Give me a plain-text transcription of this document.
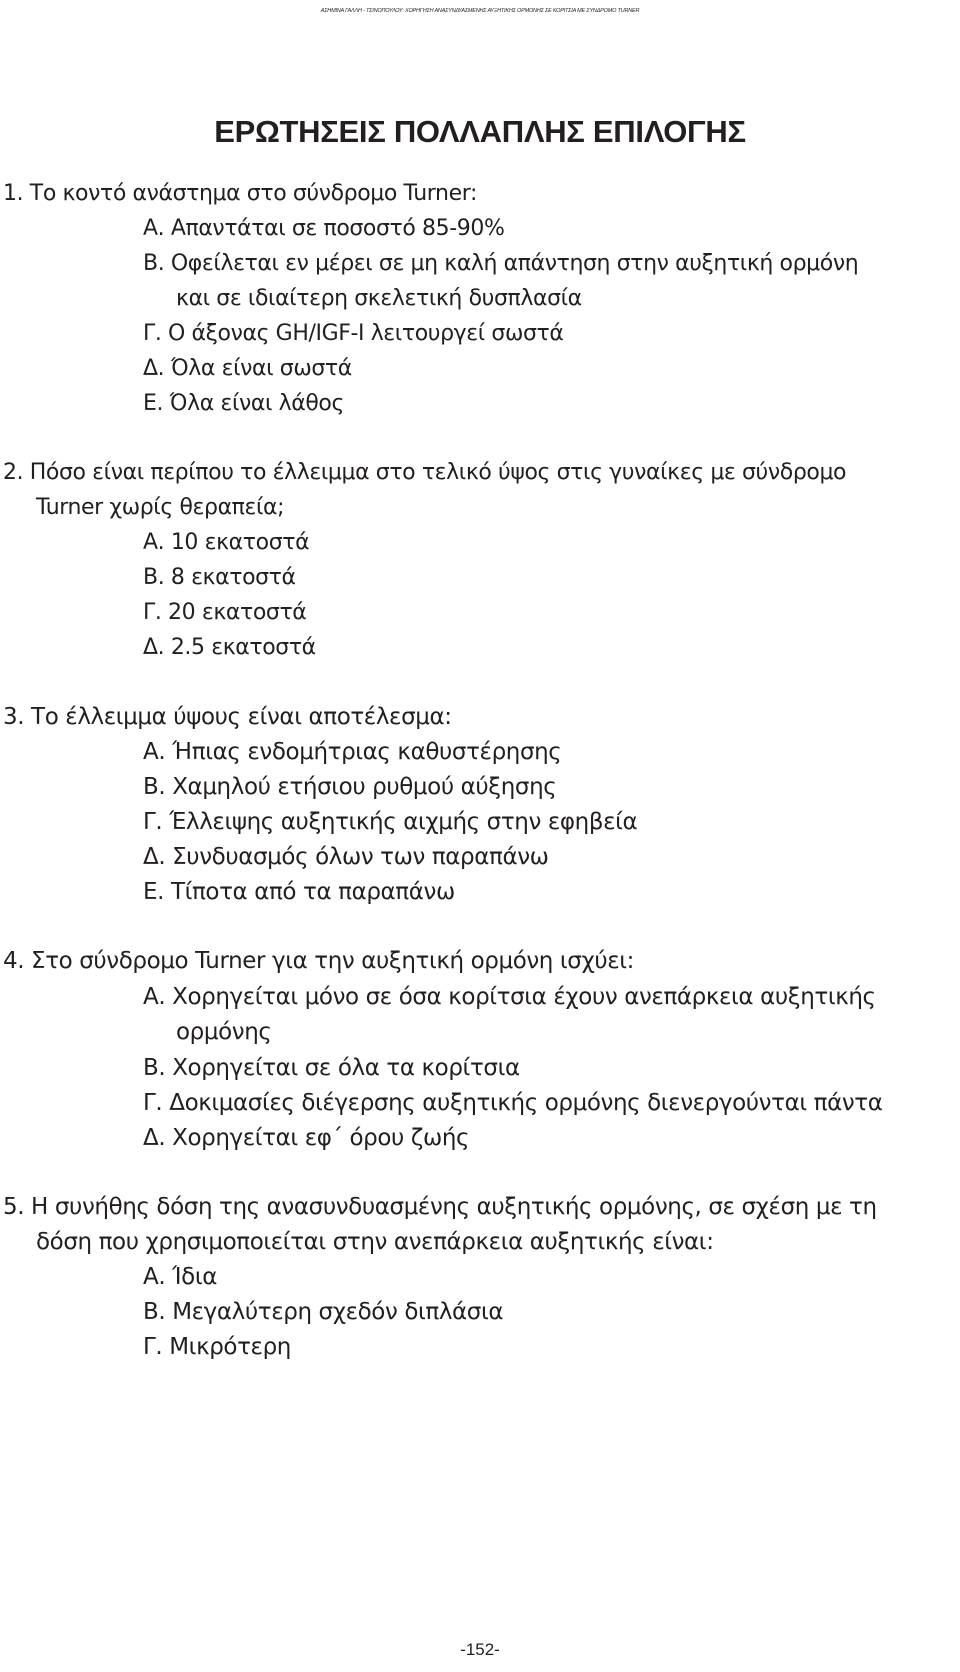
ΑΣΗΜΙΝΑ ΓΑΛΛΗ - ΤΣΙΝΟΠΟΥΛΟΥ: ΧΟΡΗΓΗΣΗ ΑΝΑΣΥΝΔΥΑΣΜΕΝΗΣ ΑΥΞΗΤΙΚΗΣ ΟΡΜΟΝΗΣ ΣΕ ΚΟΡΙΤΣΙΑ ΜΕ ΣΥΝΔΡΟΜΟ TURNER
ΕΡΩΤΗΣΕΙΣ ΠΟΛΛΑΠΛΗΣ ΕΠΙΛΟΓΗΣ
1. Το κοντό ανάστημα στο σύνδρομο Turner:
Α. Απαντάται σε ποσοστό 85-90%
Β. Οφείλεται εν μέρει σε μη καλή απάντηση στην αυξητική ορμόνη
και σε ιδιαίτερη σκελετική δυσπλασία
Γ. Ο άξονας GH/IGF-I λειτουργεί σωστά
Δ. Όλα είναι σωστά
Ε. Όλα είναι λάθος
2. Πόσο είναι περίπου το έλλειμμα στο τελικό ύψος στις γυναίκες με σύνδρομο
Turner χωρίς θεραπεία;
Α. 10 εκατοστά
Β. 8 εκατοστά
Γ. 20 εκατοστά
Δ. 2.5 εκατοστά
3. Το έλλειμμα ύψους είναι αποτέλεσμα:
Α. Ήπιας ενδομήτριας καθυστέρησης
Β. Χαμηλού ετήσιου ρυθμού αύξησης
Γ. Έλλειψης αυξητικής αιχμής στην εφηβεία
Δ. Συνδυασμός όλων των παραπάνω
Ε. Τίποτα από τα παραπάνω
4. Στο σύνδρομο Turner για την αυξητική ορμόνη ισχύει:
Α. Χορηγείται μόνο σε όσα κορίτσια έχουν ανεπάρκεια αυξητικής
ορμόνης
Β. Χορηγείται σε όλα τα κορίτσια
Γ. Δοκιμασίες διέγερσης αυξητικής ορμόνης διενεργούνται πάντα
Δ. Χορηγείται εφ΄ όρου ζωής
5. Η συνήθης δόση της ανασυνδυασμένης αυξητικής ορμόνης, σε σχέση με τη
δόση που χρησιμοποιείται στην ανεπάρκεια αυξητικής είναι:
Α. Ίδια
Β. Μεγαλύτερη σχεδόν διπλάσια
Γ. Μικρότερη
-152-
